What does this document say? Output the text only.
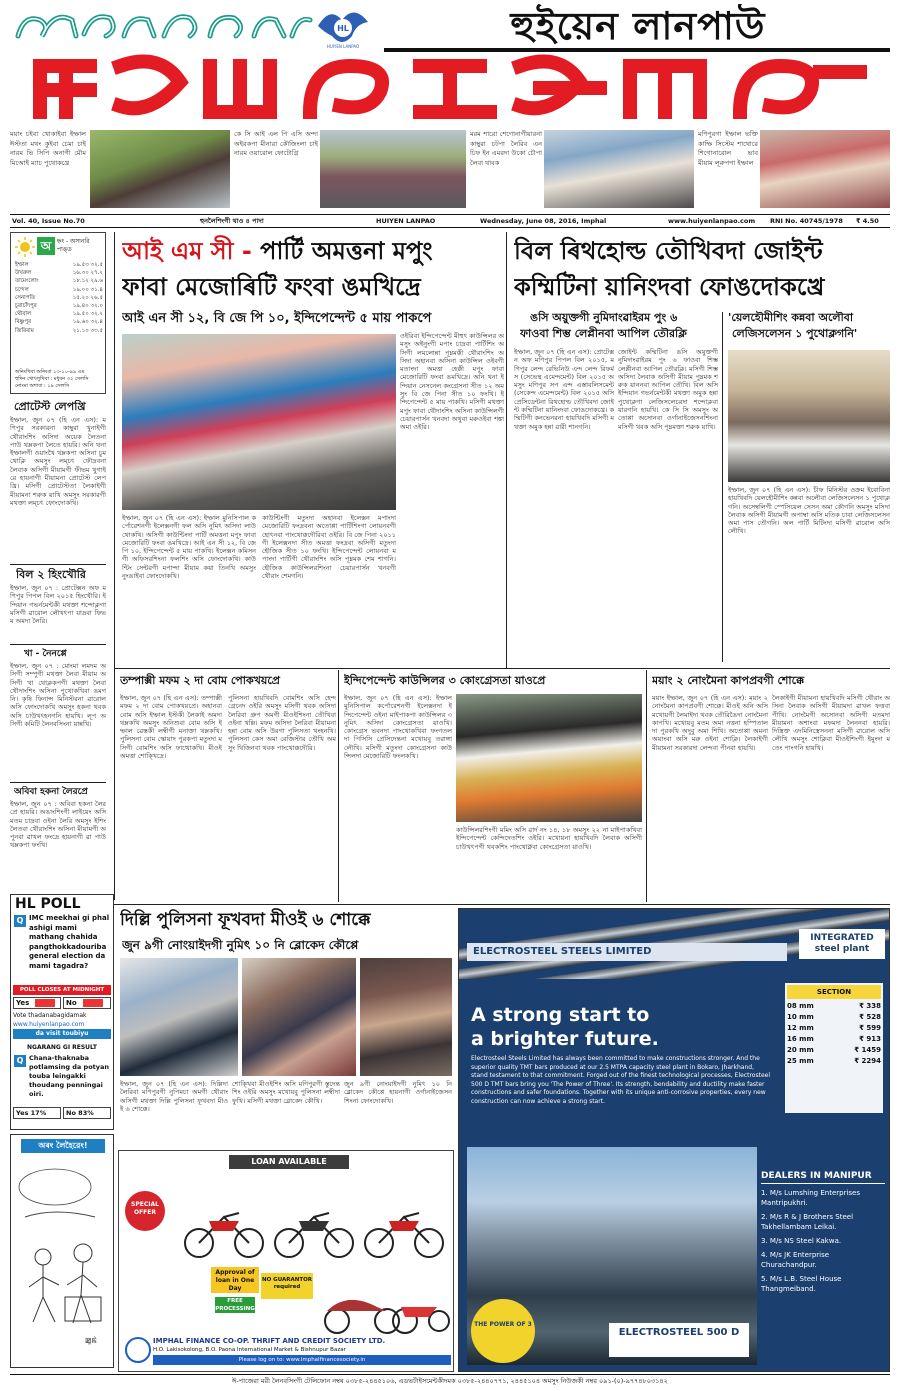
HL
HUIYEN LANPAO	হুইয়েন লানপাউ
ময়াং চইবা খোকাইবা ইম্ফাল ঈস্টতা মথং কুইবা চেমা চাইনারম ভি সিপি অনাগী মৌম মিঅোই ম্যাচ পুথোকখ্রে
কে সি আই এল পি এসি অন্দা অইরকপা মীনারা কৌজিংলা চাইনারম ওয়ারোল ফোটোগ্রি
মরম শারো শেগোনাগীয়ারনা কাম্বুরা চটপা লৈরিব এন চিফ ইন এমরদা উকো চৌপা লৈবা থাবক
মণিপুরগা ইম্ফাল ভক্তি কাম্ফি সিস্টেম শাথোরে শিগোনারোল ভাব মীয়াম লূরুপগা ইম্ফাল
Vol. 40, Issue No.70	হুনলৈশিংগী থাও ৪ পাদা	HUIYEN LANPAO	Wednesday, June 08, 2016, Imphal	www.huiyenlanpao.com RNI No. 40745/1978 ₹ 4.50
অ হ্নং - অসানরি পাঙ্ড
ইম্ফাল	১৯.৫৩ ৩২.৫
উখরুল	১৬.৩০ ২৭.২
তামেংলোং	১৮.১২ ২৯.৬
চন্দেল	১৯.০০ ৩১.৪
সেনাপতি	১৫.২০ ২৬.৫
চুরাচাঁদপুর	১৯.৪০ ৩২.০
থৌবাল	১৯.৫০ ৩২.২
বিষ্ণুপুর	১৯.৬০ ৩২.৪
জিরিবাম	২১.১০ ৩৩.৫
অনিংখিবা অনিংবা ১৩-১০-৯৯ এম
হুদিন খোৎলুখিবা : মধুবন ৩২ সেলসি
নোংমা অশাবা : ১৯ সেলসি
প্রোটেস্ট লেপখ্রি
ইম্ফাল, জুন ০৭ (হি এন এস): মণিপুর সরকারনা কাম্বুরা খুনাইগী থৌরাংশিং অসিদা অয়েক লৈতনা পাউ থম্লকপা লৈতে হায়রি। অনি থনা ইম্ফালগী ওয়াংখৈ থম্লকপা অসিনা চুমথোক্লি অমসুং লম্চৎ ফৌদ্রবনা লৈবাক অসিগী মীয়ামগী ফীভম থুগাইরে হায়নাগী মীয়ামনা প্রোটেস্ট লেপখ্রি। মসিগী প্রোটেস্টতা লৈকাইগী মীয়ামনা শরুক য়াখি অমসুং সরকারগী মথক্তা লম্চৎ ফোংদোকখি।
বিল ২ হিংখৌরি
ইম্ফাল, জুন ০৭ : প্রোটেক্সন অফ মণিপুর পিপল বিল ২০১৫ হিংখৌরি। ইন্দিয়ান গভর্নমেন্টকী মথক্তা শন্দোক্লগা মসিগী ৱারোল লৌখৎপা য়াদ্রবা ফিভম অমদা লৈরি।
খা - নৈনপ্পে
ইম্ফাল, জুন ০৭ : মোংমা লমদম অসিগী সম্পুগী মথক্তা লৈবা মীয়াম অসিগী খা থোক্লকপগী মথক্তা লৈবা থৌদাংশিং অসিনা পুথোকখিবা ঙমগনি। কৃষি ফিনান্স মিনিস্টরনা ৱারোল অসি ফোংদোকখি অমসুং হকনা থবক অসি চাউখৎহনগনি হায়খি। লূপ অসিগী কমিটি লৈনবসিংনা য়ান্নখি।
অবিবা হকনা লৈরপ্রে
ইম্ফাল, জুন ০৭ : অবিবা হকনা লৈরপ্রে হায়রি। অঙাংশিংগী লাইয়েং অসি মতম চাদ্রবা ওইনা লৈরি অমসুং ইশিং লৈতবা থৌরাংশিং অসিনা মীয়ামগী অপুনবা ৱাখল ফংদ্রে হায়নাগী ৱা পাউ থম্লকপা ফংখি।
HL POLL
Q IMC meekhai gi phal ashigi mami mathang chahida pangthokkadouriba general election da mami tagadra?
POLL CLOSES AT MIDNIGHT
Yes	No
Vote thadanabagidamak
www.huiyenlanpao.com
da visit toubiyu
NGARANG GI RESULT
Q Chana-thaknaba potlamsing da potyan touba leingakki thoudang penningai oiri.
Yes 17%	No 83%
অৰং লৈহৈরেং!
ꯀꯨꯃꯥ
আই এম সী - পাৰ্টি অমত্তনা মপুং
ফাবা মেজোৰিটি ফংবা ঙমখিদ্রে
আই এন সী ১২, বি জে পি ১০, ইন্দিপেন্দেন্ট ৫ মায় পাকপে
ওইরিবা ইন্দিপেন্দেন্ট মীহুৎ কাউন্সিলর অমসুং অইনুংগী মপাং চাদ্রবা পার্টিশিং অসিগী লমলোন্না পূম্নমক্কী থৌরাংশিং অসিদা অহানবা অসিনা কাউন্সিল ওইবগী মতাংদা অমত্তা হেক্কী মপুং ফাবা মেজোরিটি ফংবা ঙমখিদ্রে। অনি থনা ইন্দিয়ান নেসনেল কংগ্রেসনা সীত ১২ অমসুং বি জে পিনা সীত ১০ ফংখি। ইন্দিপেন্দেন্ট ৫ মায় পাকখি। মসিগী মথক্তা মপুং ফাবা থৌদাংশিং অসিনা কাউন্সিলগী চেয়ারপার্সন খনবদা অথুবা মরুওইবা শঙ্কা অমা ওইরি।
ইম্ফাল, জুন ০৭ (হি এন এস): ইম্ফাল মুনিসিপাল কর্পোরেশনগী ইলেক্সনগী ফল অসি নুমিৎ অসিদা লাউথোকখি। অসিগী কাউন্টিংদা পার্টি অমত্তনা মপুং ফাবা মেজোরিটি ফংবা ঙমখিদ্রে। আই এন সী ১২, বি জে পি ১০, ইন্দিপেন্দেন্ট ৫ মায় পাকখি। ইলেক্সন কমিসনগী অফিসরশিংনা ফলশিং অসি ফোংদোকখি। কাউন্টিং সেন্টরগী মপান্দা মীয়াম কয়া তিনখি অমসুং নুংঙাইবা ফোংদোকখি।
কাউন্টিংগী মতুংদা অহানবা ইলেক্সন মপাংদা মেজোরিটি ফংদ্রবনা অতোপ্পা পার্টিশিংগা লোয়নবগী হোৎনবা পাংথোক্কদৌরিবা ওইরি। বি জে পিনা ২০১১ গী ইলেক্সনদা সীত অমত্তা ফংদ্রবা অসিগী মতুংদা হৌজিক সীত ১০ ফংখি। ইন্দিপেন্দেন্ট লোয়নবা মপাংদা পার্টিগী থৌরাংশিং অসি পূম্নমক শেম শাগনি। হৌজিক কাউন্সিলরশিংনা চেয়ারপার্সন খনবগী থৌরাং শেমগনি।
বিল ৰিথহোল্ড তৌখিবদা জোইন্ট
কম্মিটিনা য়ানিংদবা ফোঙদোকখ্রে
ঙসি অয়ুক্তগী নুমিদাংৱাইরম পুং ৬
ফাওবা শিম্ভ লেপ্লীনবা আপিল তৌরক্লি
'য়েলহৌমীশিং কন্নবা অলৌবা
লেজিসলেসন ১ পুথোক্লগনি'
ইম্ফাল, জুন ০৭ (হি এন এস): প্রোটেক্সন অফ মণিপুর পিপল বিল ২০১৫, মণিপুর লেন্দ রেভিনিউ এন্দ লেন্দ রিফর্মস (সেভেন্থ এমেন্দমেন্ট) বিল ২০১৫ অমসুং মণিপুর সপ এন্দ এস্তাবলিসমেন্ট (সেকেন্দ এমেন্দমেন্ট) বিল ২০১৫ অসি প্রেসিডেন্টনা রিথহোল্ড তৌখিবদা জোইন্ট কম্মিটিনা য়ানিংদবা ফোঙদোকখ্রে। কম্মিটিগী কনভেনরনা হায়খিবদি মসিগী মথক্তা অমুক হন্না ৱারী শানগনি।
জোইন্ট কম্মিটিনা ঙসি অয়ুক্তগী নুমিদাংৱাইরম পুং ৬ ফাওবা শিম্ভ লেপ্লীনবা আপিল তৌরক্লি। মসিগী শিম্ভ অসিদা লৈবাক অসিগী মীয়াম পুম্নমক শরুক য়াননবা আপিল তৌখি। বিল অসি ইন্দিয়ান গভর্নমেন্টকী মথক্তা অমুক হন্না পুথোক্লগা লেজিসলেচরদা শন্দোক্লবা য়ারগনি হায়খি। কে সি সি অমসুং অতোপ্পা অসোনবা ওর্গানাইজেসনশিংনা মসিগী থবক অসি পূম্নমক্তা শরুক য়াখি।
ইম্ফাল, জুন ০৭ (হি এন এস): চীফ মিনিস্টর ওক্রম ইবোবিনা হায়খিবদি য়েলহৌমীশিং কন্নবা অলৌবা লেজিসলেসন ১ পুথোক্লগনি। অসেম্বলিগী স্পেসিয়েল সেসন অমা কৌগনি অমসুং মসিদা লৈবাক অসিগী মীয়ামগী অপাম্বা অসি মতিক চাবা লেজিসলেসন অমা পাস তৌগনি। অল পার্টি মিটিংদা মসিগী ৱারোল অসি লৌখি।
তম্পাক্সী মফম ২ দা বোম পোকখয়প্রে
ইম্ফাল, জুন ০৭ (হি এন এস): তম্পাক্সী মফম ২ দা বোম পোকখয়প্রে। অহানবা বোম অসি ইম্ফাল ইস্টকী লৈকাই অমদা থম্লকখি অমসুং অনিশুবা বোম অসি ইম্ফাল ৱেস্তকী লম্বীগী মনাক্তা থম্লকখি। পুলিসনা বোম স্কোয়াদ পুরকপা মতুংদা মসিগী বোমশিং অসি ফাত্থোকখি। মীওই অমত্তা শোক্খিদ্রে।
পুলিসনা হায়খিবদি বোমশিং অসি হেন্দ গ্রেনেদ ওইরি অমসুং মসিগী থবক অসিদা লৈরিবা গ্রুপ অমগী মীওইশিংনা তৌখিবা ওইনা খল্লি। মফম অসিদা লৈরিবা মীয়ামনা হন্না বোম অসি উরগা পুলিসতা খংহনখি। পুলিসনা কেস অমা রেজিস্টার তৌখি অমসুং থিজিনবা থবক পাংথোক্কদৌরি।
ইন্দিপেন্দেন্ট কাউন্সিলর ৩ কোংগ্রেসতা য়াওপ্রে
ইম্ফাল, জুন ০৭ (হি এন এস): ইম্ফাল মুনিসিপাল কর্পোরেশনগী ইলেক্সনদা ইন্দিপেন্দেন্ট ওইনা মাইপাকপা কাউন্সিলর ৩ নুমিৎ অসিদা কোংগ্রেসতা য়াওখি। কোংগ্রেস ভবনদা পাংথোকখিবা ফংগতলদা পিসিসি প্রেসিদেন্তনা মখোয়বু তরাঙ্গা লৌখি। মসিগী মতুংদা কোংগ্রেসনা কাউন্সিলদা মেজোরিটি ফংলকখি।
কাউন্সিলরশিংগী মমিং অসি ৱার্দ নং ১৪, ১৮ অমসুং ২২ না মাইপাকখিবা ইন্দিপেন্দেন্ট কেন্দিদেতশিং ওইরি। মখোয়না হায়খিবদি লৈবাক অসিগী চাউখৎপগী থবকশিং পাংথোক্নবা কোংগ্রেসতা য়াওখি।
ময়াং ২ নোংমৈনা কাপপ্রবগী শোক্কে
ময়াং ইম্ফাল, জুন ০৭ (হি এন এস): ময়াং ২ নোংমৈনা কাপপ্রবগী শোক্কে। মীওই অনি অসি মখোয়গী লৈমাইদা থবক তৌরিঙৈদা নোংমৈনা কাপখি। মখোয়বু মতম অমা নত্তনা হস্পিতালদা পুরকখি অদুবু অমা শিখি। অতোপ্পা অমনা অয়াংবা অসি মরু ওইনা শোক্লি। লৈকাইগী মীয়ামনা সরকারদা লেন্দবা পীনবা হায়খি।
লৈকাইগী মীয়ামনা হায়খিবদি মসিগী থৌরাং অসিনা লৈবাক অসিগী মীয়ামদা ৱাখল ফত্তবা পীখি। নোংমৈগী অসোনবা অসিগী মতমদা মীয়ামনা অশাংবা মফমদা লৈননবা হায়রি। দিস্ত্রিক্ত এদমিনিস্ত্রেসননা মসিগী ৱারোল অসি লৌখি অমসুং শোক্লিবা মীওইশিংগী ইমুংদা মতেং পাংগনি হায়খি।
দিল্লি পুলিসনা ফূখবদা মীওই ৬ শোক্কে
জুন ৯গী নোংয়াইদগী নুমিৎ ১০ নি ব্লোকেদ কৌপ্পে
ইম্ফাল, জুন ০৭ (হি এন এস): দিল্লিদা লৈরিবা মণিপুরগী নুপিমচা অমগী থৌরাং অসিগী মথক্তা দিল্লি পুলিসনা ফূখবদা মীওই ৬ শোক্কে।
শোক্খিবা মীওইশিং অসি মণিপুরগী স্তুদেন্তশিং ওইরি অমসুং মখোয়বু পুলিসনা লম্বীদা ফুখি। মসিগী মথক্তা ব্লোকেদ কৌখি।
জুন ৯গী নোংয়াইদগী নুমিৎ ১০ নি ব্লোকেদ কৌপ্পে হায়নাগী ওর্গানাইজেসনশিংনা ফোংদোকখি।
LOAN AVAILABLE
SPECIAL OFFER
NO GUARANTOR required
Approval of loan in One Day
FREE PROCESSING
IMPHAL FINANCE CO-OP. THRIFT AND CREDIT SOCIETY LTD.
H.O. Lakisokolong, B.O. Paona International Market & Bishnupur Bazar
Please log on to: www.imphalfinancesociety.in
ELECTROSTEEL STEELS LIMITED
INTEGRATED steel plant
A strong start to
a brighter future.
Electrosteel Steels Limited has always been committed to make constructions stronger. And the superior quality TMT bars produced at our 2.5 MTPA capacity steel plant in Bokaro, Jharkhand, stand testament to that commitment. Forged out of the finest technological processes, Electrosteel 500 D TMT bars bring you 'The Power of Three'. Its strength, bendability and ductility make faster constructions and safer foundations. Together with its unique anti-corrosive properties, every new construction can now achieve a strong start.
SECTION
08 mm	₹ 338
10 mm	₹ 528
12 mm	₹ 599
16 mm	₹ 913
20 mm	₹ 1459
25 mm	₹ 2294
THE POWER OF 3
ELECTROSTEEL 500 D
DEALERS IN MANIPUR
1. M/s Lumshing Enterprises Mantripukhri.
2. M/s R & J Brothers Steel Takhellambam Leikai.
3. M/s NS Steel Kakwa.
4. M/s JK Enterprise Churachandpur.
5. M/s L.B. Steel House Thangmeiband.
ঈ-পাজেরা মরী লৈনবসিংগী টেলিফোন নম্বৰ ০৩৮৫-২৪৪৫১০৬, এডভর্টাইসমেন্টকীদমক ০৩৮৫-২৪৪০৭৭১, ২৪৪৫১০৪ অমসুং নিউজকী নম্বর ০৯১-(০)-৯৭৭৪৮০৩১৪২
